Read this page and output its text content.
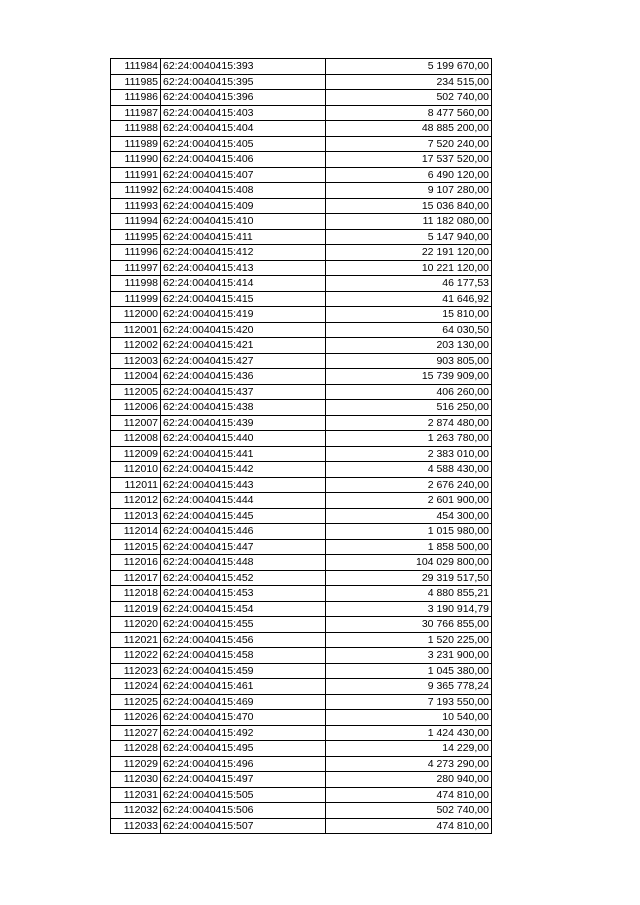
111984	62:24:0040415:393	5 199 670,00
111985	62:24:0040415:395	234 515,00
111986	62:24:0040415:396	502 740,00
111987	62:24:0040415:403	8 477 560,00
111988	62:24:0040415:404	48 885 200,00
111989	62:24:0040415:405	7 520 240,00
111990	62:24:0040415:406	17 537 520,00
111991	62:24:0040415:407	6 490 120,00
111992	62:24:0040415:408	9 107 280,00
111993	62:24:0040415:409	15 036 840,00
111994	62:24:0040415:410	11 182 080,00
111995	62:24:0040415:411	5 147 940,00
111996	62:24:0040415:412	22 191 120,00
111997	62:24:0040415:413	10 221 120,00
111998	62:24:0040415:414	46 177,53
111999	62:24:0040415:415	41 646,92
112000	62:24:0040415:419	15 810,00
112001	62:24:0040415:420	64 030,50
112002	62:24:0040415:421	203 130,00
112003	62:24:0040415:427	903 805,00
112004	62:24:0040415:436	15 739 909,00
112005	62:24:0040415:437	406 260,00
112006	62:24:0040415:438	516 250,00
112007	62:24:0040415:439	2 874 480,00
112008	62:24:0040415:440	1 263 780,00
112009	62:24:0040415:441	2 383 010,00
112010	62:24:0040415:442	4 588 430,00
112011	62:24:0040415:443	2 676 240,00
112012	62:24:0040415:444	2 601 900,00
112013	62:24:0040415:445	454 300,00
112014	62:24:0040415:446	1 015 980,00
112015	62:24:0040415:447	1 858 500,00
112016	62:24:0040415:448	104 029 800,00
112017	62:24:0040415:452	29 319 517,50
112018	62:24:0040415:453	4 880 855,21
112019	62:24:0040415:454	3 190 914,79
112020	62:24:0040415:455	30 766 855,00
112021	62:24:0040415:456	1 520 225,00
112022	62:24:0040415:458	3 231 900,00
112023	62:24:0040415:459	1 045 380,00
112024	62:24:0040415:461	9 365 778,24
112025	62:24:0040415:469	7 193 550,00
112026	62:24:0040415:470	10 540,00
112027	62:24:0040415:492	1 424 430,00
112028	62:24:0040415:495	14 229,00
112029	62:24:0040415:496	4 273 290,00
112030	62:24:0040415:497	280 940,00
112031	62:24:0040415:505	474 810,00
112032	62:24:0040415:506	502 740,00
112033	62:24:0040415:507	474 810,00
